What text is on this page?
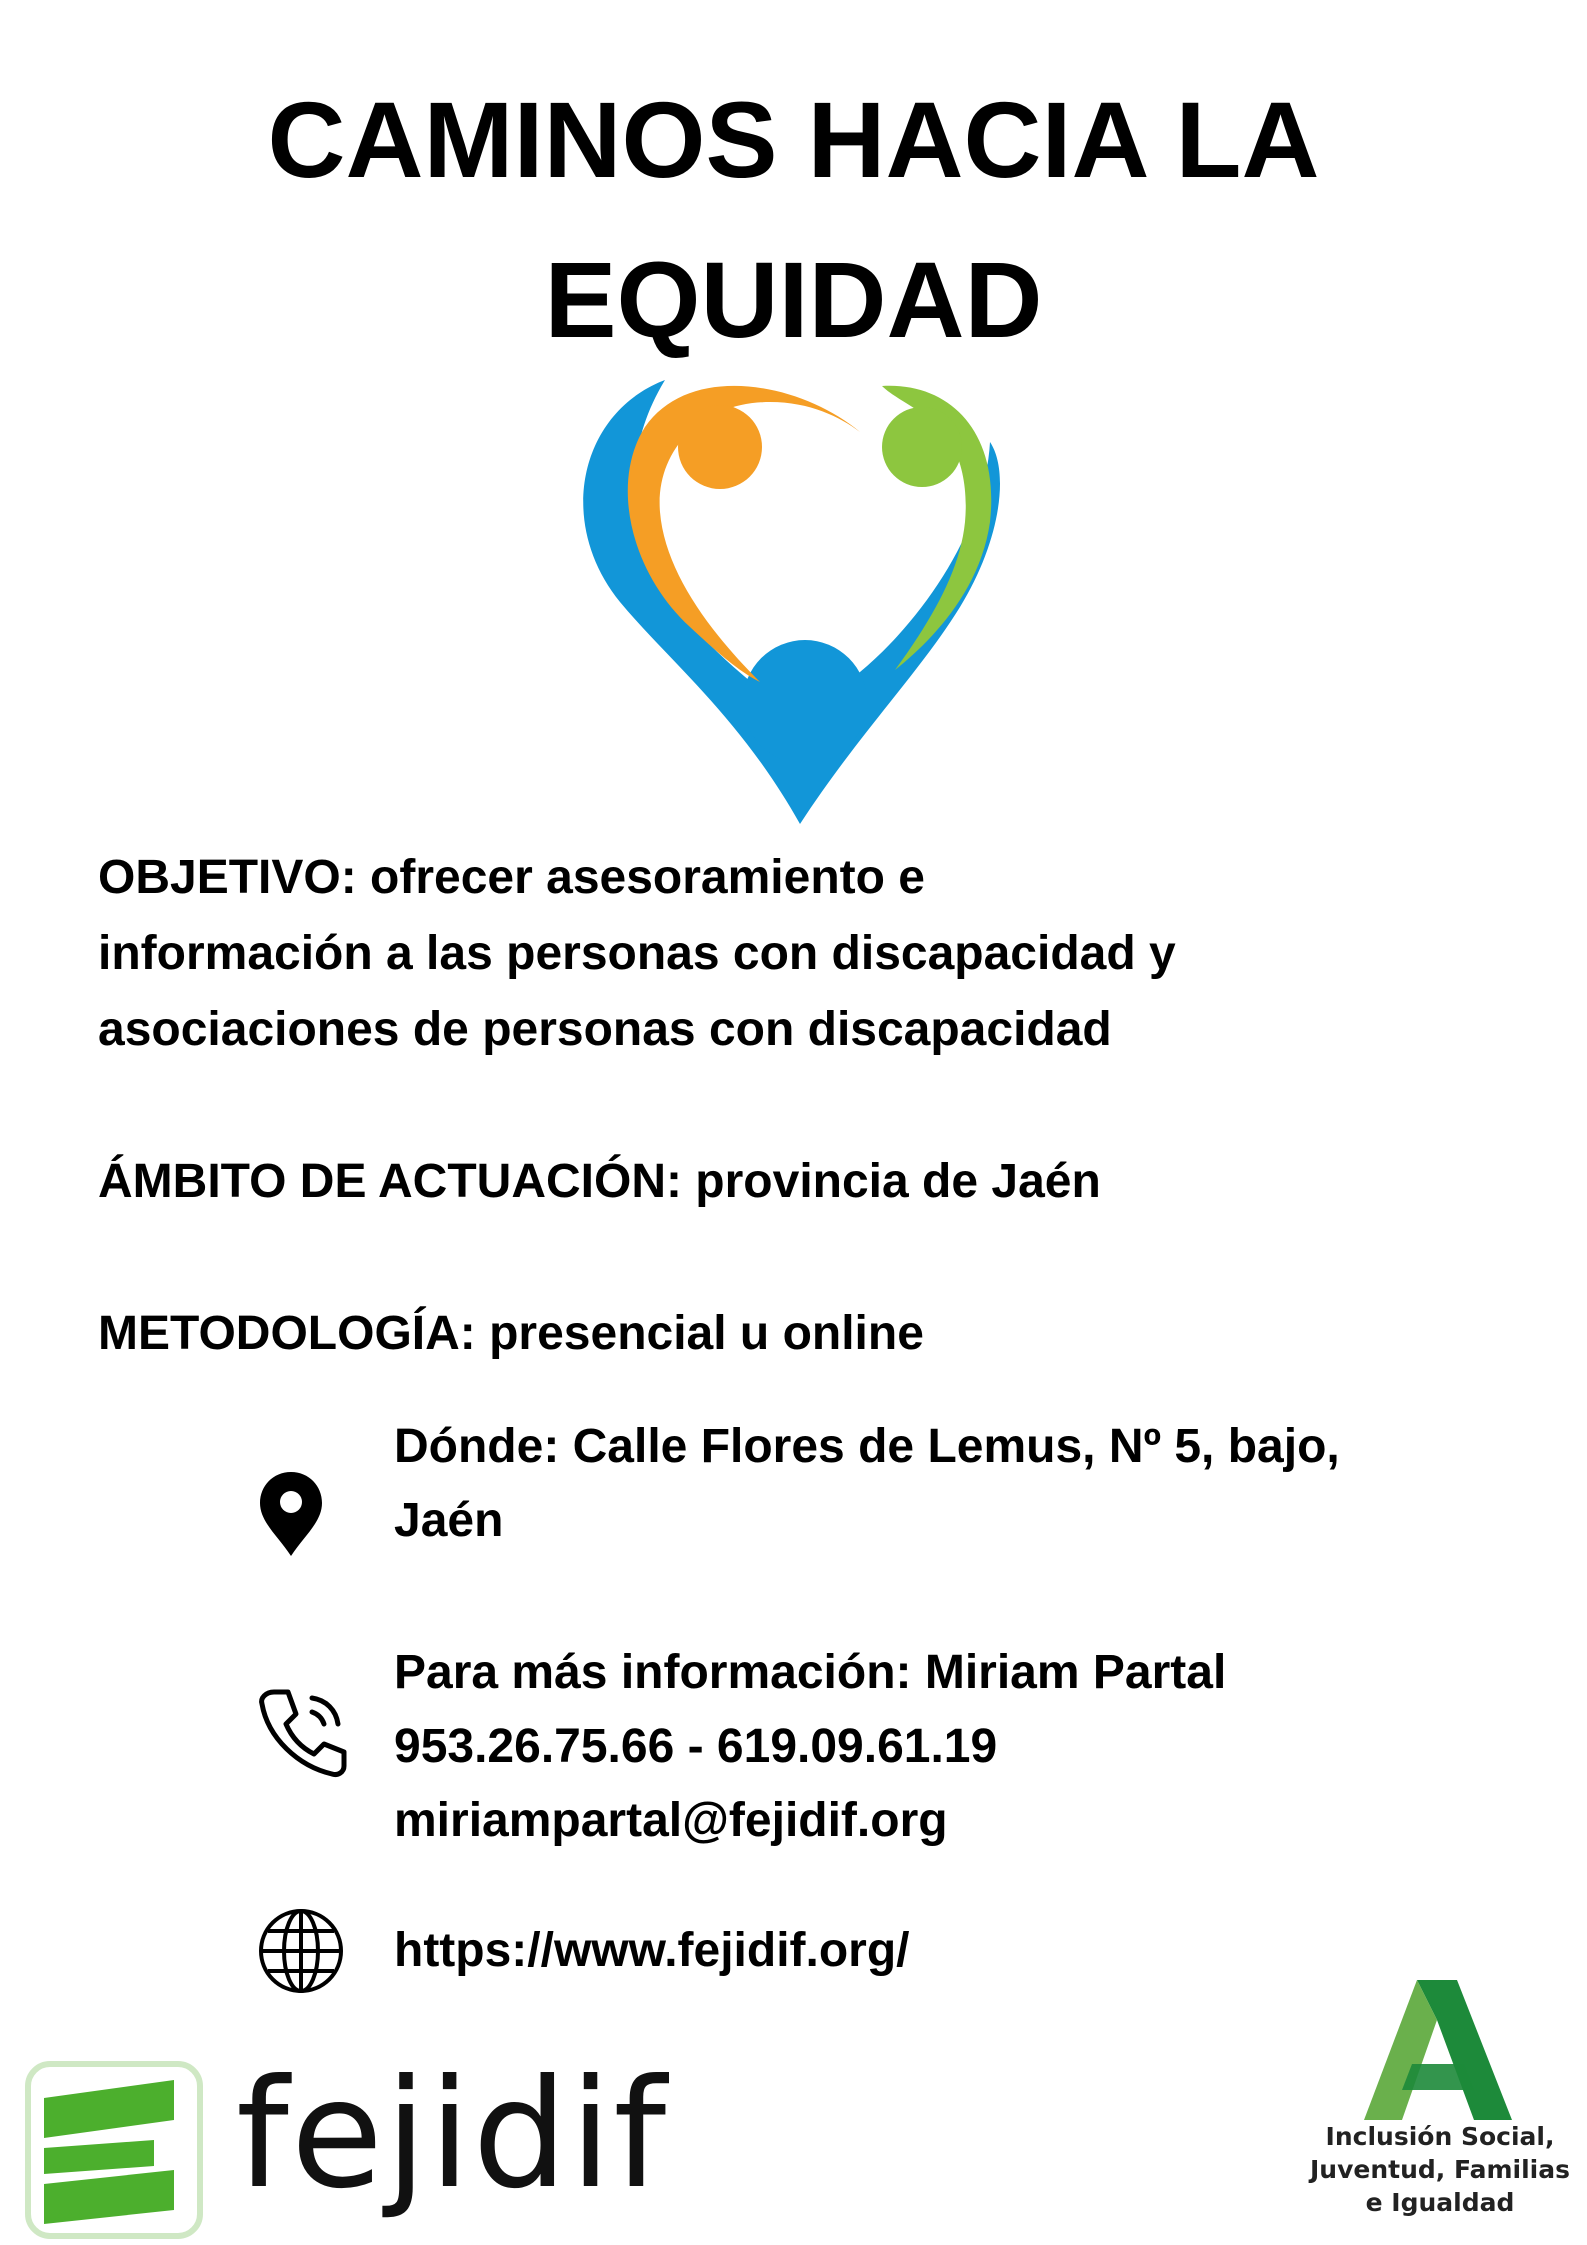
CAMINOS HACIA LA
EQUIDAD
OBJETIVO: ofrecer asesoramiento e
información a las personas con discapacidad y
asociaciones de personas con discapacidad
ÁMBITO DE ACTUACIÓN: provincia de Jaén
METODOLOGÍA: presencial u online
Dónde: Calle Flores de Lemus, Nº 5, bajo,
Jaén
Para más información: Miriam Partal
953.26.75.66 - 619.09.61.19
miriampartal@fejidif.org
https://www.fejidif.org/
fejidif	Inclusión Social,
Juventud, Familias
e Igualdad
